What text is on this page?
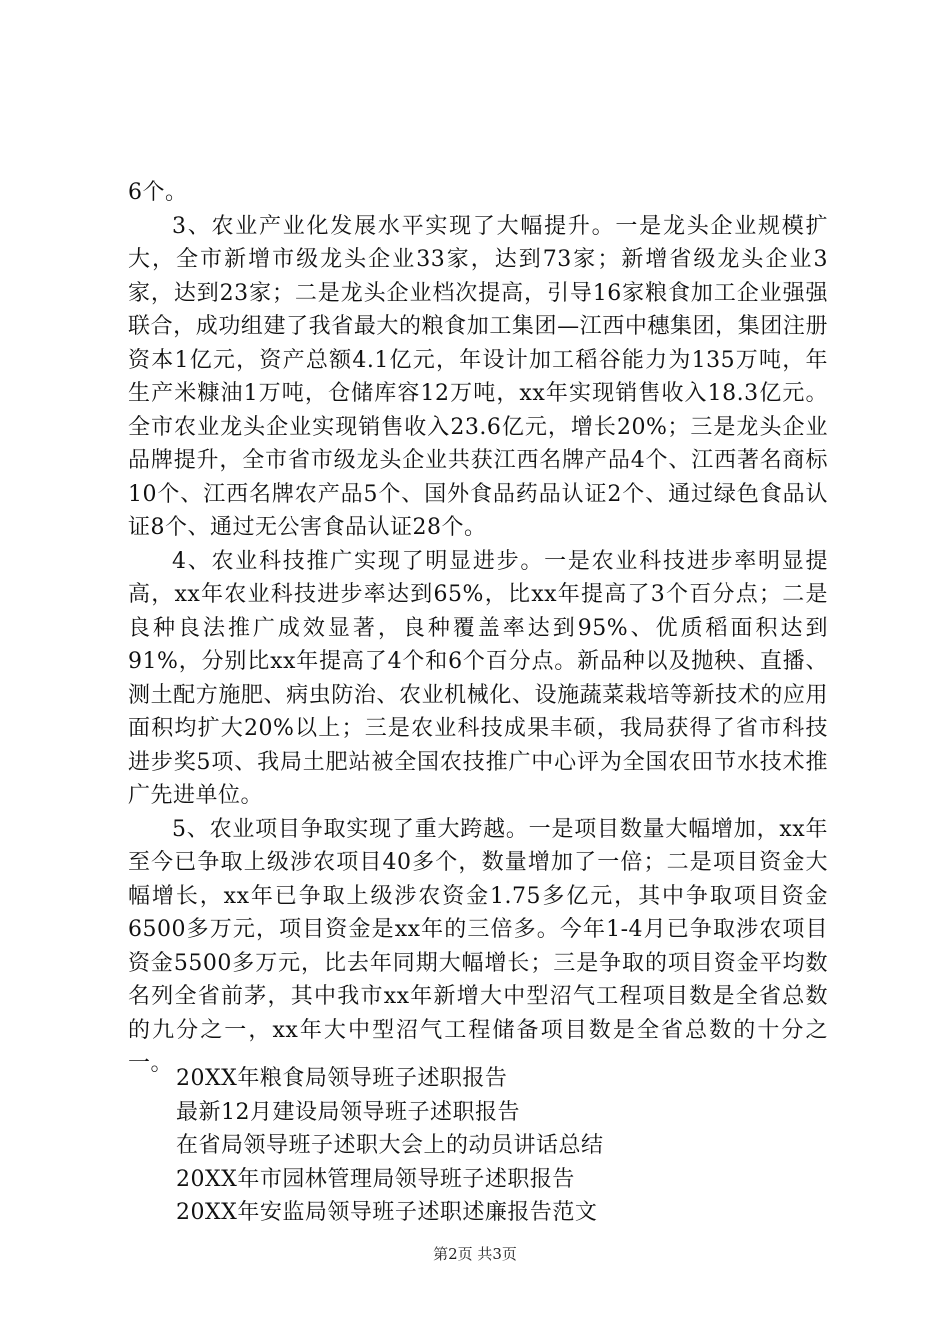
6个。

3、农业产业化发展水平实现了大幅提升。一是龙头企业规模扩大，全市新增市级龙头企业33家，达到73家；新增省级龙头企业3家，达到23家；二是龙头企业档次提高，引导16家粮食加工企业强强联合，成功组建了我省最大的粮食加工集团—江西中穗集团，集团注册资本1亿元，资产总额4.1亿元，年设计加工稻谷能力为135万吨，年生产米糠油1万吨，仓储库容12万吨，xx年实现销售收入18.3亿元。全市农业龙头企业实现销售收入23.6亿元，增长20%；三是龙头企业品牌提升，全市省市级龙头企业共获江西名牌产品4个、江西著名商标10个、江西名牌农产品5个、国外食品药品认证2个、通过绿色食品认证8个、通过无公害食品认证28个。

4、农业科技推广实现了明显进步。一是农业科技进步率明显提高，xx年农业科技进步率达到65%，比xx年提高了3个百分点；二是良种良法推广成效显著，良种覆盖率达到95%、优质稻面积达到91%，分别比xx年提高了4个和6个百分点。新品种以及抛秧、直播、测土配方施肥、病虫防治、农业机械化、设施蔬菜栽培等新技术的应用面积均扩大20%以上；三是农业科技成果丰硕，我局获得了省市科技进步奖5项、我局土肥站被全国农技推广中心评为全国农田节水技术推广先进单位。

5、农业项目争取实现了重大跨越。一是项目数量大幅增加，xx年至今已争取上级涉农项目40多个，数量增加了一倍；二是项目资金大幅增长，xx年已争取上级涉农资金1.75多亿元，其中争取项目资金6500多万元，项目资金是xx年的三倍多。今年1-4月已争取涉农项目资金5500多万元，比去年同期大幅增长；三是争取的项目资金平均数名列全省前茅，其中我市xx年新增大中型沼气工程项目数是全省总数的九分之一，xx年大中型沼气工程储备项目数是全省总数的十分之一。

20XX年粮食局领导班子述职报告
最新12月建设局领导班子述职报告
在省局领导班子述职大会上的动员讲话总结
20XX年市园林管理局领导班子述职报告
20XX年安监局领导班子述职述廉报告范文
第2页 共3页
